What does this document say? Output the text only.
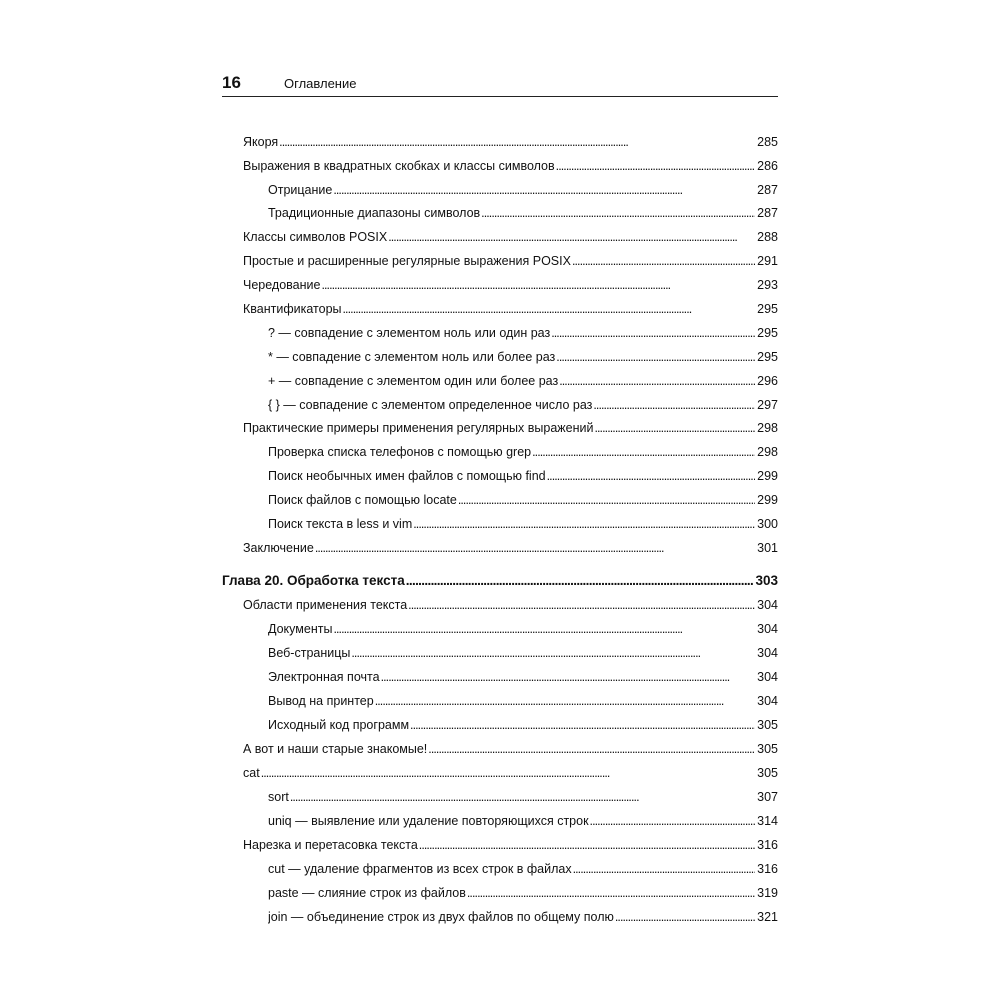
16	Оглавление
Якоря . . .	285
Выражения в квадратных скобках и классы символов . . .	286
Отрицание . . .	287
Традиционные диапазоны символов . . .	287
Классы символов POSIX . . .	288
Простые и расширенные регулярные выражения POSIX . . .	291
Чередование . . .	293
Квантификаторы . . .	295
? — совпадение с элементом ноль или один раз . . .	295
* — совпадение с элементом ноль или более раз . . .	295
+ — совпадение с элементом один или более раз . . .	296
{ } — совпадение с элементом определенное число раз . . .	297
Практические примеры применения регулярных выражений . . .	298
Проверка списка телефонов с помощью grep . . .	298
Поиск необычных имен файлов с помощью find . . .	299
Поиск файлов с помощью locate . . .	299
Поиск текста в less и vim . . .	300
Заключение . . .	301
Глава 20. Обработка текста . . .	303
Области применения текста . . .	304
Документы . . .	304
Веб-страницы . . .	304
Электронная почта . . .	304
Вывод на принтер . . .	304
Исходный код программ . . .	305
А вот и наши старые знакомые! . . .	305
cat . . .	305
sort . . .	307
uniq — выявление или удаление повторяющихся строк . . .	314
Нарезка и перетасовка текста . . .	316
cut — удаление фрагментов из всех строк в файлах . . .	316
paste — слияние строк из файлов . . .	319
join — объединение строк из двух файлов по общему полю . . .	321
